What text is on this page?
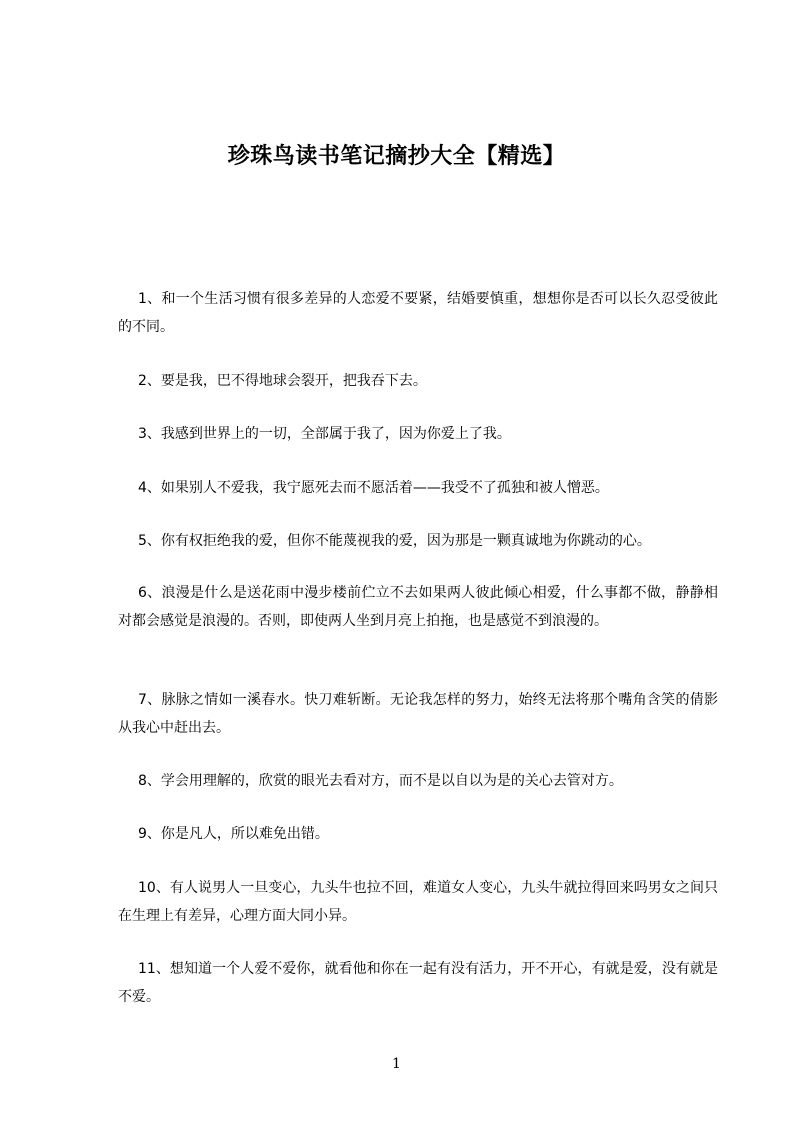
珍珠鸟读书笔记摘抄大全【精选】

1、和一个生活习惯有很多差异的人恋爱不要紧，结婚要慎重，想想你是否可以长久忍受彼此的不同。

2、要是我，巴不得地球会裂开，把我吞下去。

3、我感到世界上的一切，全部属于我了，因为你爱上了我。

4、如果别人不爱我，我宁愿死去而不愿活着——我受不了孤独和被人憎恶。

5、你有权拒绝我的爱，但你不能蔑视我的爱，因为那是一颗真诚地为你跳动的心。

6、浪漫是什么是送花雨中漫步楼前伫立不去如果两人彼此倾心相爱，什么事都不做，静静相对都会感觉是浪漫的。否则，即使两人坐到月亮上拍拖，也是感觉不到浪漫的。

7、脉脉之情如一溪春水。快刀难斩断。无论我怎样的努力，始终无法将那个嘴角含笑的倩影从我心中赶出去。

8、学会用理解的，欣赏的眼光去看对方，而不是以自以为是的关心去管对方。

9、你是凡人，所以难免出错。

10、有人说男人一旦变心，九头牛也拉不回，难道女人变心，九头牛就拉得回来吗男女之间只在生理上有差异，心理方面大同小异。

11、想知道一个人爱不爱你，就看他和你在一起有没有活力，开不开心，有就是爱，没有就是不爱。

1
